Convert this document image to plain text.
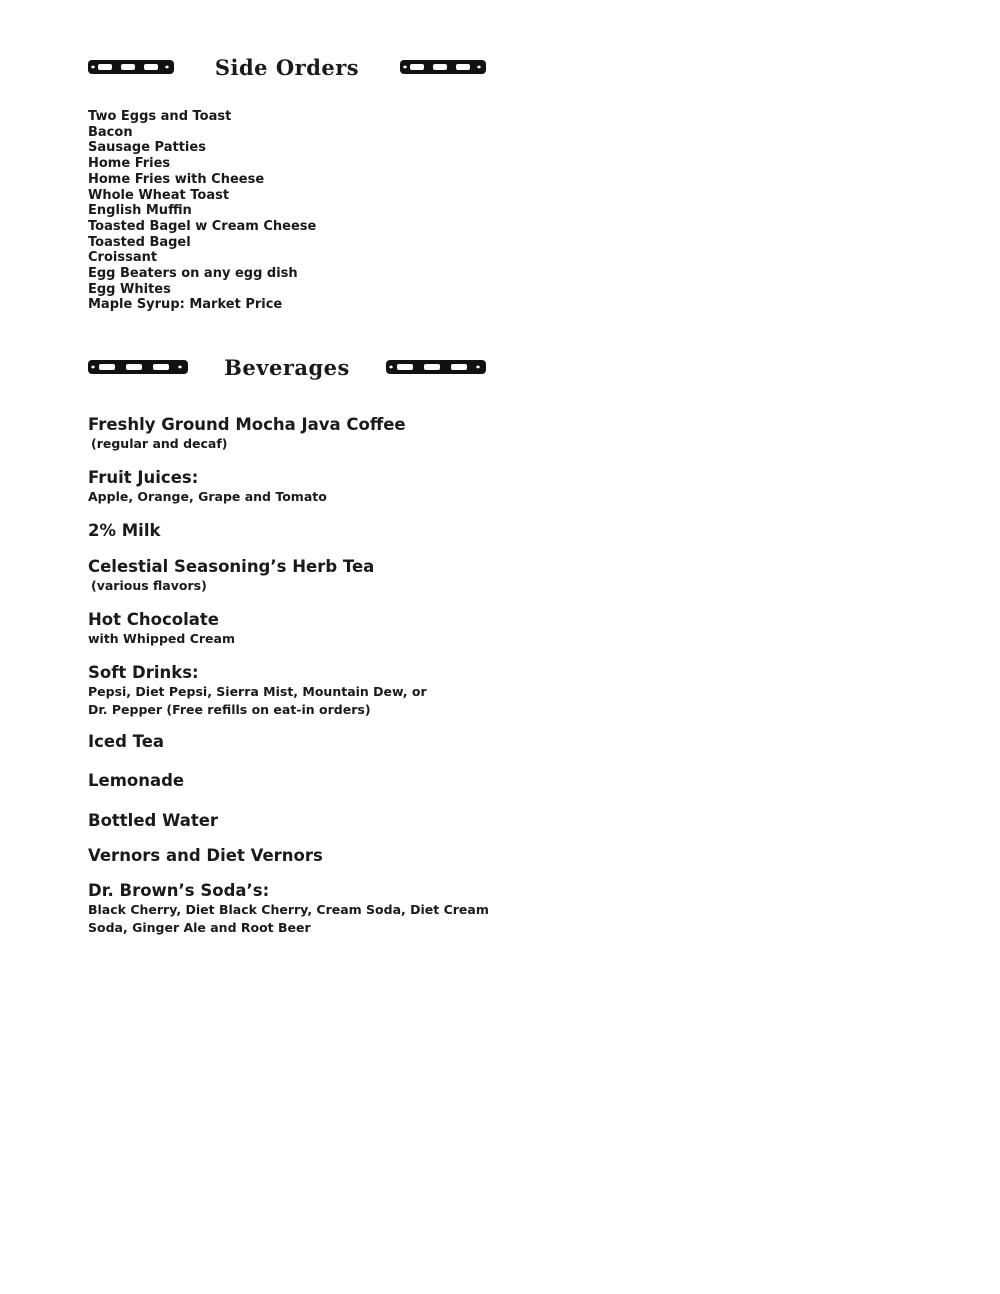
Side Orders
Two Eggs and Toast
Bacon
Sausage Patties
Home Fries
Home Fries with Cheese
Whole Wheat Toast
English Muffin
Toasted Bagel w Cream Cheese
Toasted Bagel
Croissant
Egg Beaters on any egg dish
Egg Whites
Maple Syrup: Market Price
Beverages
Freshly Ground Mocha Java Coffee
(regular and decaf)
Fruit Juices:
Apple, Orange, Grape and Tomato
2% Milk
Celestial Seasoning’s Herb Tea
(various flavors)
Hot Chocolate
with Whipped Cream
Soft Drinks:
Pepsi, Diet Pepsi, Sierra Mist, Mountain Dew, or
Dr. Pepper (Free refills on eat-in orders)
Iced Tea
Lemonade
Bottled Water
Vernors and Diet Vernors
Dr. Brown’s Soda’s:
Black Cherry, Diet Black Cherry, Cream Soda, Diet Cream
Soda, Ginger Ale and Root Beer
